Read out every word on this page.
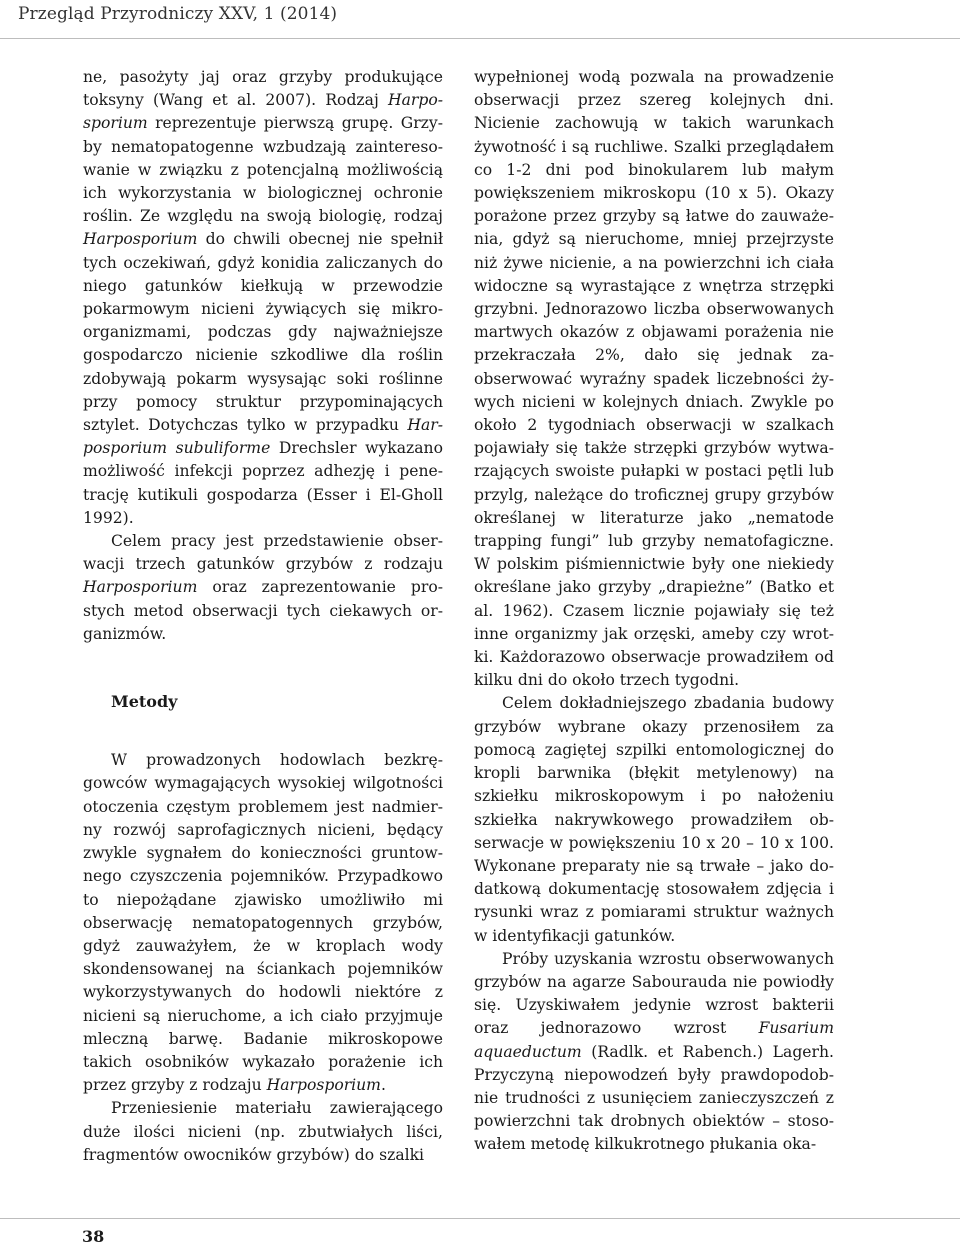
Przegląd Przyrodniczy XXV, 1 (2014)

ne, pasożyty jaj oraz grzyby produkujące toksyny (Wang et al. 2007). Rodzaj Harposporium reprezentuje pierwszą grupę. Grzyby nematopatogenne wzbudzają zainteresowanie w związku z potencjalną możliwością ich wykorzystania w biologicznej ochronie roślin. Ze względu na swoją biologię, rodzaj Harposporium do chwili obecnej nie spełnił tych oczekiwań, gdyż konidia zaliczanych do niego gatunków kiełkują w przewodzie pokarmowym nicieni żywiących się mikroorganizmami, podczas gdy najważniejsze gospodarczo nicienie szkodliwe dla roślin zdobywają pokarm wysysając soki roślinne przy pomocy struktur przypominających sztylet. Dotychczas tylko w przypadku Harposporium subuliforme Drechsler wykazano możliwość infekcji poprzez adhezję i penetrację kutikuli gospodarza (Esser i El-Gholl 1992).

Celem pracy jest przedstawienie obserwacji trzech gatunków grzybów z rodzaju Harposporium oraz zaprezentowanie prostych metod obserwacji tych ciekawych organizmów.

Metody

W prowadzonych hodowlach bezkręgowców wymagających wysokiej wilgotności otoczenia częstym problemem jest nadmierny rozwój saprofagicznych nicieni, będący zwykle sygnałem do konieczności gruntownego czyszczenia pojemników. Przypadkowo to niepożądane zjawisko umożliwiło mi obserwację nematopatogennych grzybów, gdyż zauważyłem, że w kroplach wody skondensowanej na ściankach pojemników wykorzystywanych do hodowli niektóre z nicieni są nieruchome, a ich ciało przyjmuje mleczną barwę. Badanie mikroskopowe takich osobników wykazało porażenie ich przez grzyby z rodzaju Harposporium.

Przeniesienie materiału zawierającego duże ilości nicieni (np. zbutwiałych liści, fragmentów owocników grzybów) do szalki

wypełnionej wodą pozwala na prowadzenie obserwacji przez szereg kolejnych dni. Nicienie zachowują w takich warunkach żywotność i są ruchliwe. Szalki przeglądałem co 1-2 dni pod binokularem lub małym powiększeniem mikroskopu (10 x 5). Okazy porażone przez grzyby są łatwe do zauważenia, gdyż są nieruchome, mniej przejrzyste niż żywe nicienie, a na powierzchni ich ciała widoczne są wyrastające z wnętrza strzępki grzybni. Jednorazowo liczba obserwowanych martwych okazów z objawami porażenia nie przekraczała 2%, dało się jednak zaobserwować wyraźny spadek liczebności żywych nicieni w kolejnych dniach. Zwykle po około 2 tygodniach obserwacji w szalkach pojawiały się także strzępki grzybów wytwarzających swoiste pułapki w postaci pętli lub przylg, należące do troficznej grupy grzybów określanej w literaturze jako „nematode trapping fungi” lub grzyby nematofagiczne. W polskim piśmiennictwie były one niekiedy określane jako grzyby „drapieżne” (Batko et al. 1962). Czasem licznie pojawiały się też inne organizmy jak orzęski, ameby czy wrotki. Każdorazowo obserwacje prowadziłem od kilku dni do około trzech tygodni.

Celem dokładniejszego zbadania budowy grzybów wybrane okazy przenosiłem za pomocą zagiętej szpilki entomologicznej do kropli barwnika (błękit metylenowy) na szkiełku mikroskopowym i po nałożeniu szkiełka nakrywkowego prowadziłem obserwacje w powiększeniu 10 x 20 – 10 x 100. Wykonane preparaty nie są trwałe – jako dodatkową dokumentację stosowałem zdjęcia i rysunki wraz z pomiarami struktur ważnych w identyfikacji gatunków.

Próby uzyskania wzrostu obserwowanych grzybów na agarze Sabourauda nie powiodły się. Uzyskiwałem jedynie wzrost bakterii oraz jednorazowo wzrost Fusarium aquaeductum (Radlk. et Rabench.) Lagerh. Przyczyną niepowodzeń były prawdopodobnie trudności z usunięciem zanieczyszczeń z powierzchni tak drobnych obiektów – stosowałem metodę kilkukrotnego płukania oka-

38
